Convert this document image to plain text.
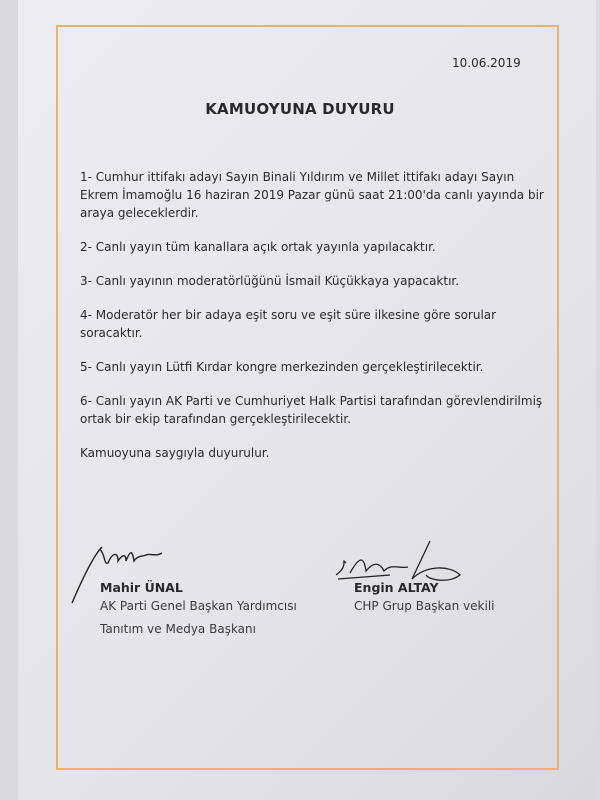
10.06.2019
KAMUOYUNA DUYURU

1- Cumhur ittifakı adayı Sayın Binali Yıldırım ve Millet ittifakı adayı Sayın Ekrem İmamoğlu 16 haziran 2019 Pazar günü saat 21:00'da canlı yayında bir araya geleceklerdir.

2- Canlı yayın tüm kanallara açık ortak yayınla yapılacaktır.

3- Canlı yayının moderatörlüğünü İsmail Küçükkaya yapacaktır.

4- Moderatör her bir adaya eşit soru ve eşit süre ilkesine göre sorular soracaktır.

5- Canlı yayın Lütfi Kırdar kongre merkezinden gerçekleştirilecektir.

6- Canlı yayın AK Parti ve Cumhuriyet Halk Partisi tarafından görevlendirilmiş ortak bir ekip tarafından gerçekleştirilecektir.

Kamuoyuna saygıyla duyurulur.

Mahir ÜNAL
AK Parti Genel Başkan Yardımcısı
Tanıtım ve Medya Başkanı
Engin ALTAY
CHP Grup Başkan vekili
